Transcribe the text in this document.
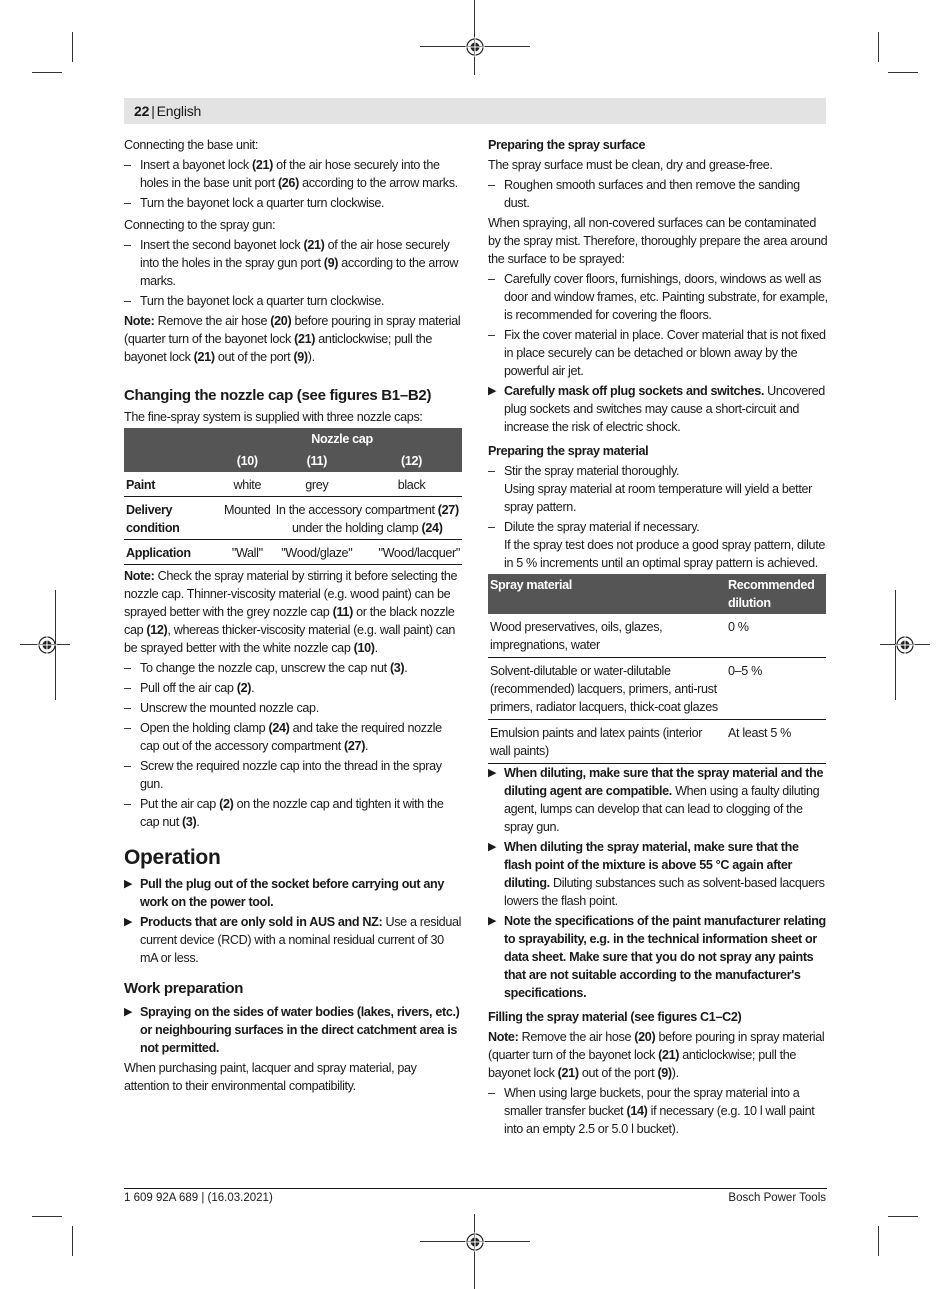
22 | English

Connecting the base unit:

– Insert a bayonet lock (21) of the air hose securely into the holes in the base unit port (26) according to the arrow marks.
– Turn the bayonet lock a quarter turn clockwise.

Connecting to the spray gun:

– Insert the second bayonet lock (21) of the air hose securely into the holes in the spray gun port (9) according to the arrow marks.
– Turn the bayonet lock a quarter turn clockwise.

Note: Remove the air hose (20) before pouring in spray material (quarter turn of the bayonet lock (21) anticlockwise; pull the bayonet lock (21) out of the port (9)).

Changing the nozzle cap (see figures B1–B2)

The fine-spray system is supplied with three nozzle caps:

	Nozzle cap		
	(10)	(11)	(12)
Paint	white	grey	black
Delivery condition	Mounted	In the accessory compartment (27) under the holding clamp (24)	
Application	"Wall"	"Wood/glaze"	"Wood/lacquer"

Note: Check the spray material by stirring it before selecting the nozzle cap. Thinner-viscosity material (e.g. wood paint) can be sprayed better with the grey nozzle cap (11) or the black nozzle cap (12), whereas thicker-viscosity material (e.g. wall paint) can be sprayed better with the white nozzle cap (10).

– To change the nozzle cap, unscrew the cap nut (3).
– Pull off the air cap (2).
– Unscrew the mounted nozzle cap.
– Open the holding clamp (24) and take the required nozzle cap out of the accessory compartment (27).
– Screw the required nozzle cap into the thread in the spray gun.
– Put the air cap (2) on the nozzle cap and tighten it with the cap nut (3).
Operation
▶ Pull the plug out of the socket before carrying out any work on the power tool.
▶ Products that are only sold in AUS and NZ: Use a residual current device (RCD) with a nominal residual current of 30 mA or less.
Work preparation
▶ Spraying on the sides of water bodies (lakes, rivers, etc.) or neighbouring surfaces in the direct catchment area is not permitted.

When purchasing paint, lacquer and spray material, pay attention to their environmental compatibility.

Preparing the spray surface

The spray surface must be clean, dry and grease-free.

– Roughen smooth surfaces and then remove the sanding dust.

When spraying, all non-covered surfaces can be contaminated by the spray mist. Therefore, thoroughly prepare the area around the surface to be sprayed:

– Carefully cover floors, furnishings, doors, windows as well as door and window frames, etc. Painting substrate, for example, is recommended for covering the floors.
– Fix the cover material in place. Cover material that is not fixed in place securely can be detached or blown away by the powerful air jet.
▶ Carefully mask off plug sockets and switches. Uncovered plug sockets and switches may cause a short-circuit and increase the risk of electric shock.
Preparing the spray material
– Stir the spray material thoroughly.
Using spray material at room temperature will yield a better spray pattern.
– Dilute the spray material if necessary.
If the spray test does not produce a good spray pattern, dilute in 5 % increments until an optimal spray pattern is achieved.
Spray material	Recommended dilution
Wood preservatives, oils, glazes, impregnations, water	0 %
Solvent-dilutable or water-dilutable (recommended) lacquers, primers, anti-rust primers, radiator lacquers, thick-coat glazes	0–5 %
Emulsion paints and latex paints (interior wall paints)	At least 5 %
▶ When diluting, make sure that the spray material and the diluting agent are compatible. When using a faulty diluting agent, lumps can develop that can lead to clogging of the spray gun.
▶ When diluting the spray material, make sure that the flash point of the mixture is above 55 °C again after diluting. Diluting substances such as solvent-based lacquers lowers the flash point.
▶ Note the specifications of the paint manufacturer relating to sprayability, e.g. in the technical information sheet or data sheet. Make sure that you do not spray any paints that are not suitable according to the manufacturer's specifications.
Filling the spray material (see figures C1–C2)

Note: Remove the air hose (20) before pouring in spray material (quarter turn of the bayonet lock (21) anticlockwise; pull the bayonet lock (21) out of the port (9)).

– When using large buckets, pour the spray material into a smaller transfer bucket (14) if necessary (e.g. 10 l wall paint into an empty 2.5 or 5.0 l bucket).
1 609 92A 689 | (16.03.2021)	Bosch Power Tools
